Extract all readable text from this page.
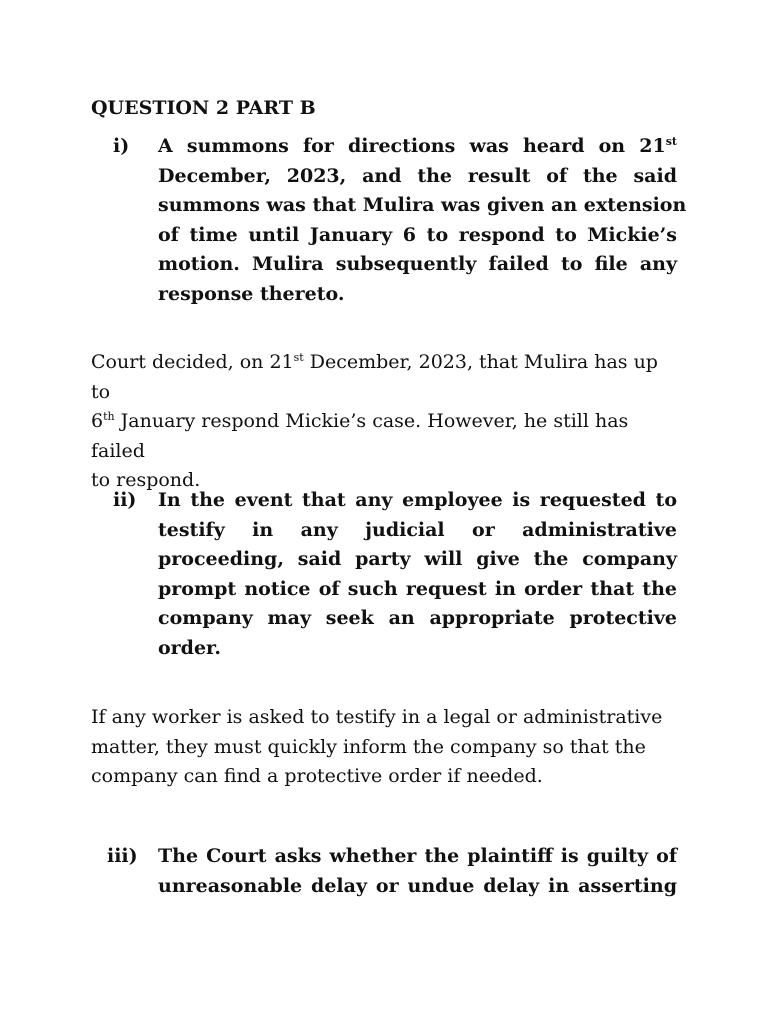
QUESTION 2 PART B
i) A summons for directions was heard on 21st
December, 2023, and the result of the said
summons was that Mulira was given an extension
of time until January 6 to respond to Mickie’s
motion. Mulira subsequently failed to file any
response thereto.

Court decided, on 21st December, 2023, that Mulira has up to
6th January respond Mickie’s case. However, he still has failed
to respond.

ii) In the event that any employee is requested to
testify in any judicial or administrative
proceeding, said party will give the company
prompt notice of such request in order that the
company may seek an appropriate protective
order.

If any worker is asked to testify in a legal or administrative
matter, they must quickly inform the company so that the
company can find a protective order if needed.

iii) The Court asks whether the plaintiff is guilty of
unreasonable delay or undue delay in asserting
